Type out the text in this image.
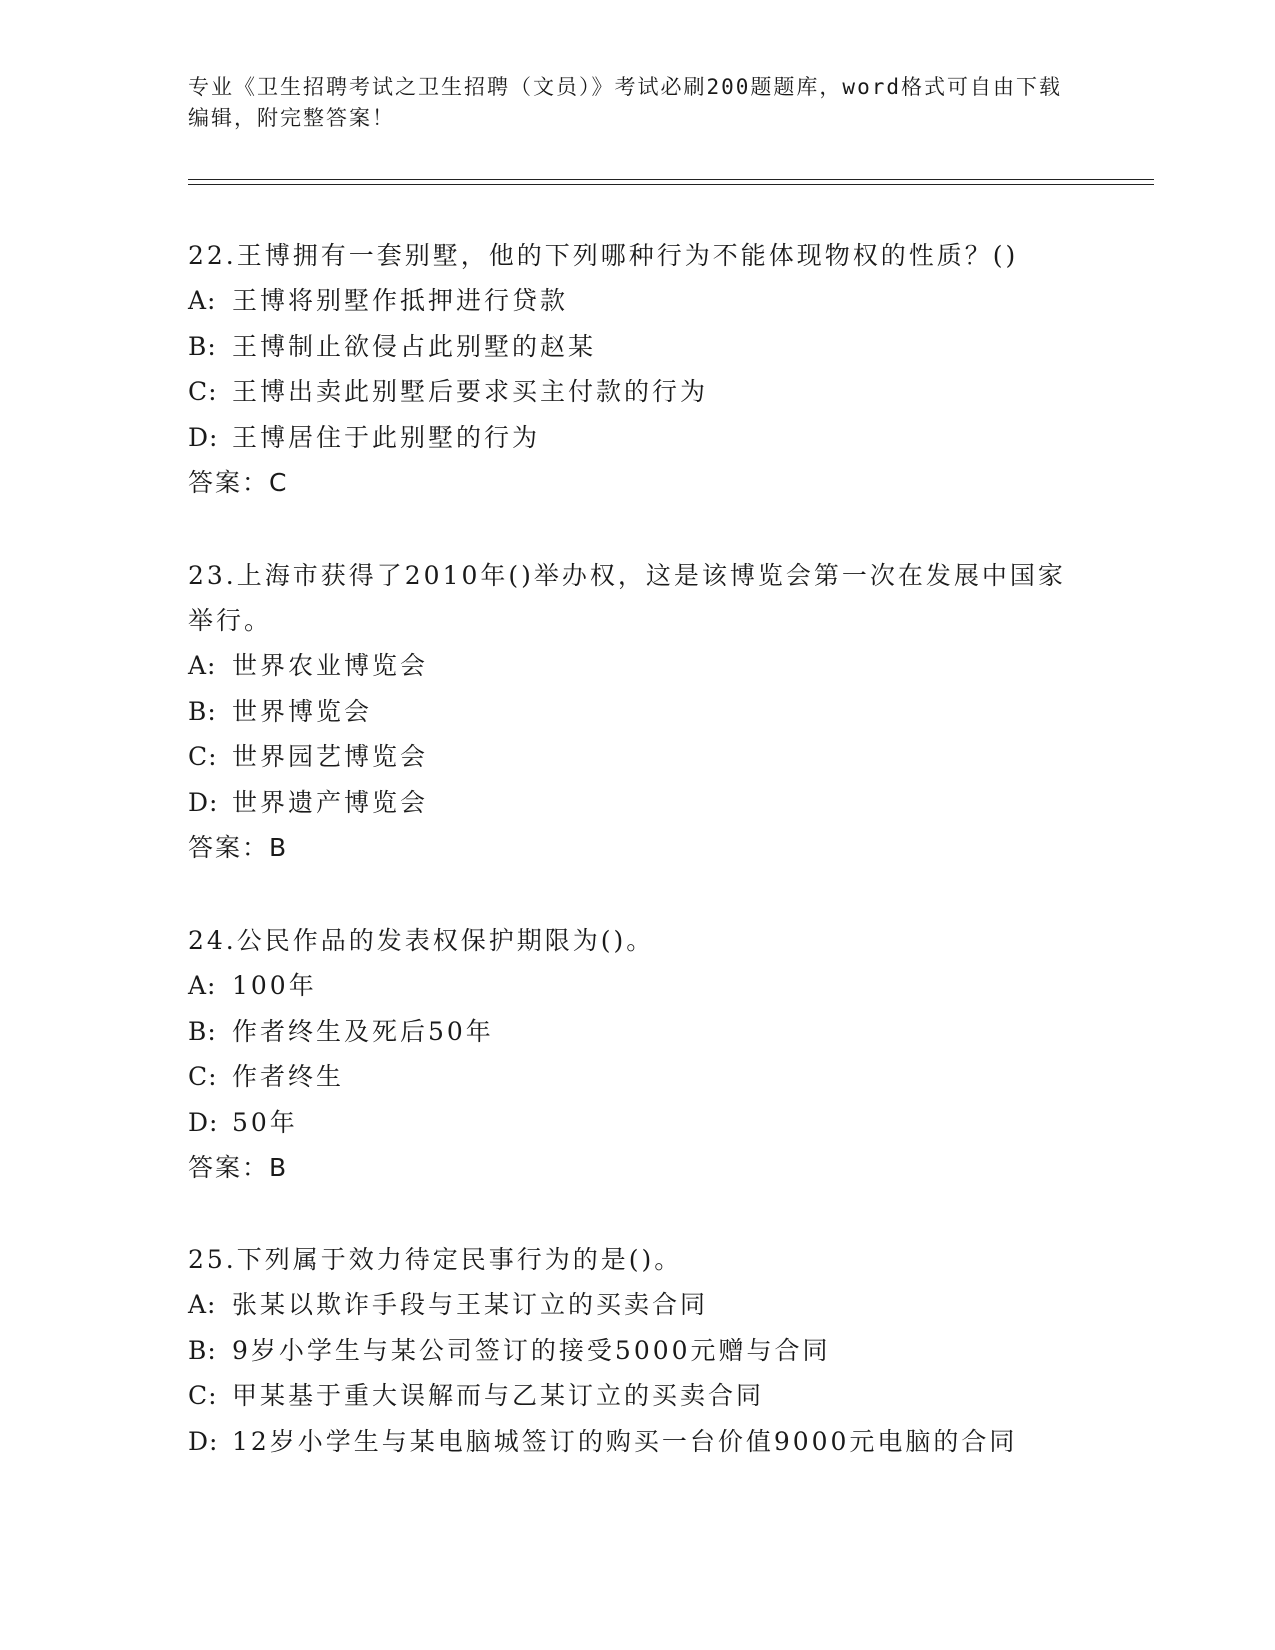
专业《卫生招聘考试之卫生招聘（文员）》考试必刷200题题库，word格式可自由下载编辑，附完整答案！

22.王博拥有一套别墅，他的下列哪种行为不能体现物权的性质？()

A: 王博将别墅作抵押进行贷款

B: 王博制止欲侵占此别墅的赵某

C: 王博出卖此别墅后要求买主付款的行为

D: 王博居住于此别墅的行为

答案：C

23.上海市获得了2010年()举办权，这是该博览会第一次在发展中国家举行。

A: 世界农业博览会

B: 世界博览会

C: 世界园艺博览会

D: 世界遗产博览会

答案：B

24.公民作品的发表权保护期限为()。

A: 100年

B: 作者终生及死后50年

C: 作者终生

D: 50年

答案：B

25.下列属于效力待定民事行为的是()。

A: 张某以欺诈手段与王某订立的买卖合同

B: 9岁小学生与某公司签订的接受5000元赠与合同

C: 甲某基于重大误解而与乙某订立的买卖合同

D: 12岁小学生与某电脑城签订的购买一台价值9000元电脑的合同
